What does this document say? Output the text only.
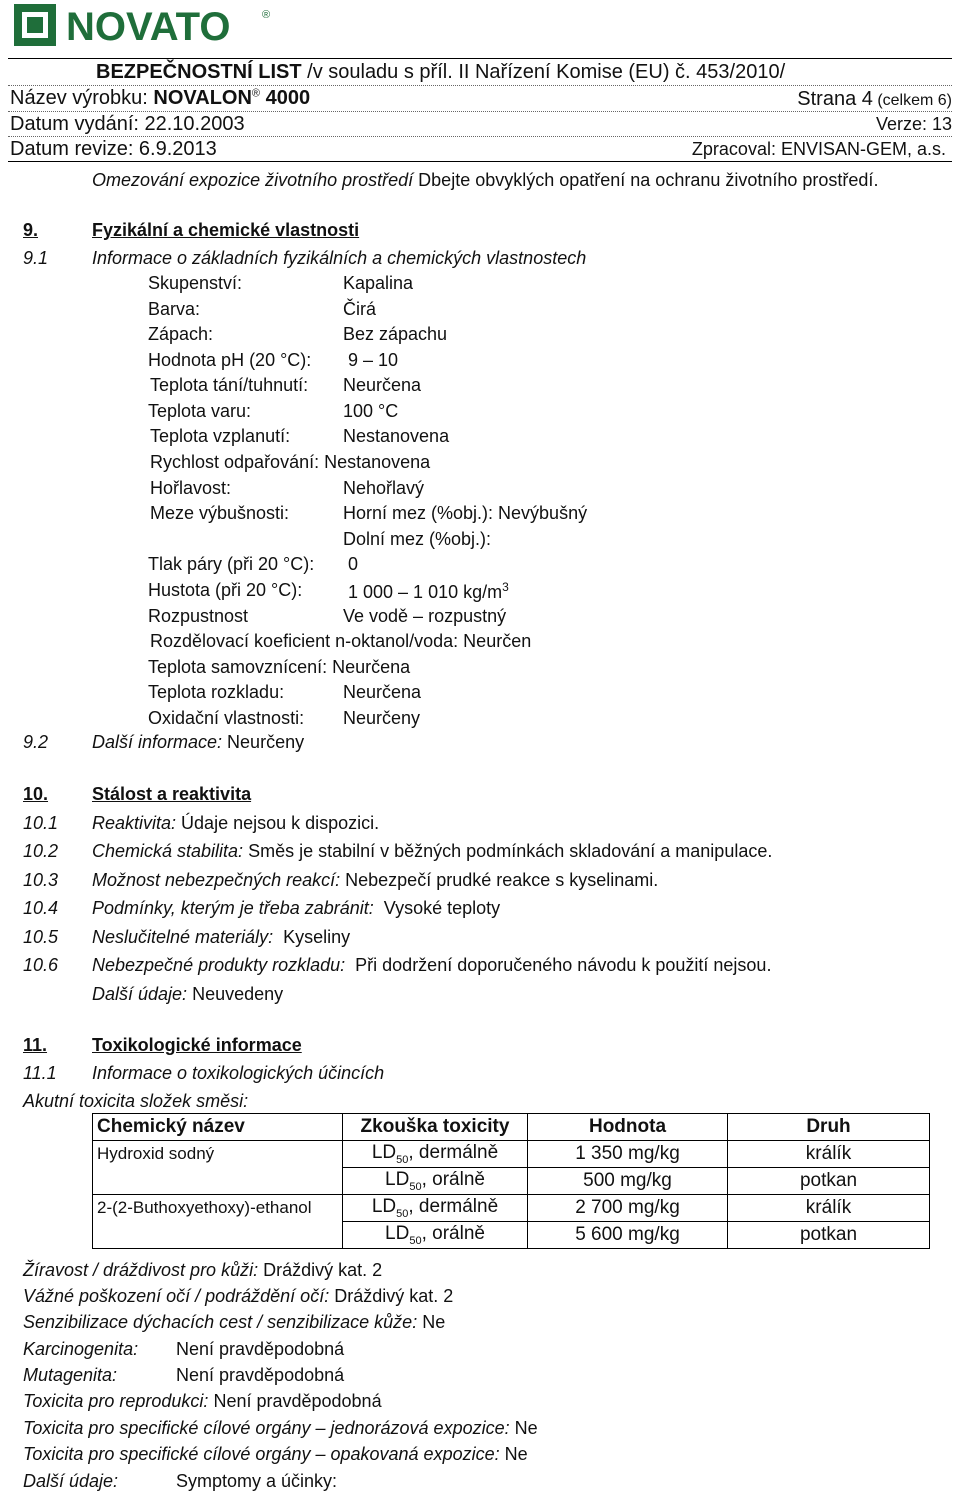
NOVATO	®
BEZPEČNOSTNÍ LIST /v souladu s příl. II Nařízení Komise (EU) č. 453/2010/
Název výrobku: NOVALON® 4000	Strana 4 (celkem 6)
Datum vydání: 22.10.2003	Verze: 13
Datum revize: 6.9.2013	Zpracoval: ENVISAN-GEM, a.s.
Omezování expozice životního prostředí Dbejte obvyklých opatření na ochranu životního prostředí.
9.	Fyzikální a chemické vlastnosti
9.1 Informace o základních fyzikálních a chemických vlastnostech
Skupenství:	Kapalina
Barva:	Čirá
Zápach:	Bez zápachu
Hodnota pH (20 °C): 9 – 10
Teplota tání/tuhnutí: Neurčena
Teplota varu:	100 °C
Teplota vzplanutí:	Nestanovena
Rychlost odpařování: Nestanovena
Hořlavost:	Nehořlavý
Meze výbušnosti:	Horní mez (%obj.): Nevýbušný
Dolní mez (%obj.):
Tlak páry (při 20 °C): 0
Hustota (při 20 °C):	1 000 – 1 010 $kg/m^3$
Rozpustnost	Ve vodě – rozpustný
Rozdělovací koeficient n-oktanol/voda: Neurčen
Teplota samovznícení: Neurčena
Teplota rozkladu:	Neurčena
Oxidační vlastnosti: Neurčeny
9.2 Další informace: Neurčeny
10. Stálost a reaktivita
10.1 Reaktivita: Údaje nejsou k dispozici.
10.2 Chemická stabilita: Směs je stabilní v běžných podmínkách skladování a manipulace.
10.3 Možnost nebezpečných reakcí: Nebezpečí prudké reakce s kyselinami.
10.4 Podmínky, kterým je třeba zabránit:  Vysoké teploty
10.5 Neslučitelné materiály:  Kyseliny
10.6 Nebezpečné produkty rozkladu:  Při dodržení doporučeného návodu k použití nejsou.
Další údaje: Neuvedeny
11. Toxikologické informace
11.1 Informace o toxikologických účincích
Akutní toxicita složek směsi:
Chemický název	Zkouška toxicity	Hodnota	Druh
Hydroxid sodný	$LD_{50}$, dermálně	1 350 mg/kg	králík
	$LD_{50}$, orálně	500 mg/kg	potkan
2-(2-Buthoxyethoxy)-ethanol	$LD_{50}$, dermálně	2 700 mg/kg	králík
	$LD_{50}$, orálně	5 600 mg/kg	potkan
Žíravost / dráždivost pro kůži: Dráždivý kat. 2
Vážné poškození očí / podráždění očí: Dráždivý kat. 2
Senzibilizace dýchacích cest / senzibilizace kůže: Ne
Karcinogenita: Není pravděpodobná
Mutagenita:	Není pravděpodobná
Toxicita pro reprodukci: Není pravděpodobná
Toxicita pro specifické cílové orgány – jednorázová expozice: Ne
Toxicita pro specifické cílové orgány – opakovaná expozice: Ne
Další údaje:	Symptomy a účinky:
